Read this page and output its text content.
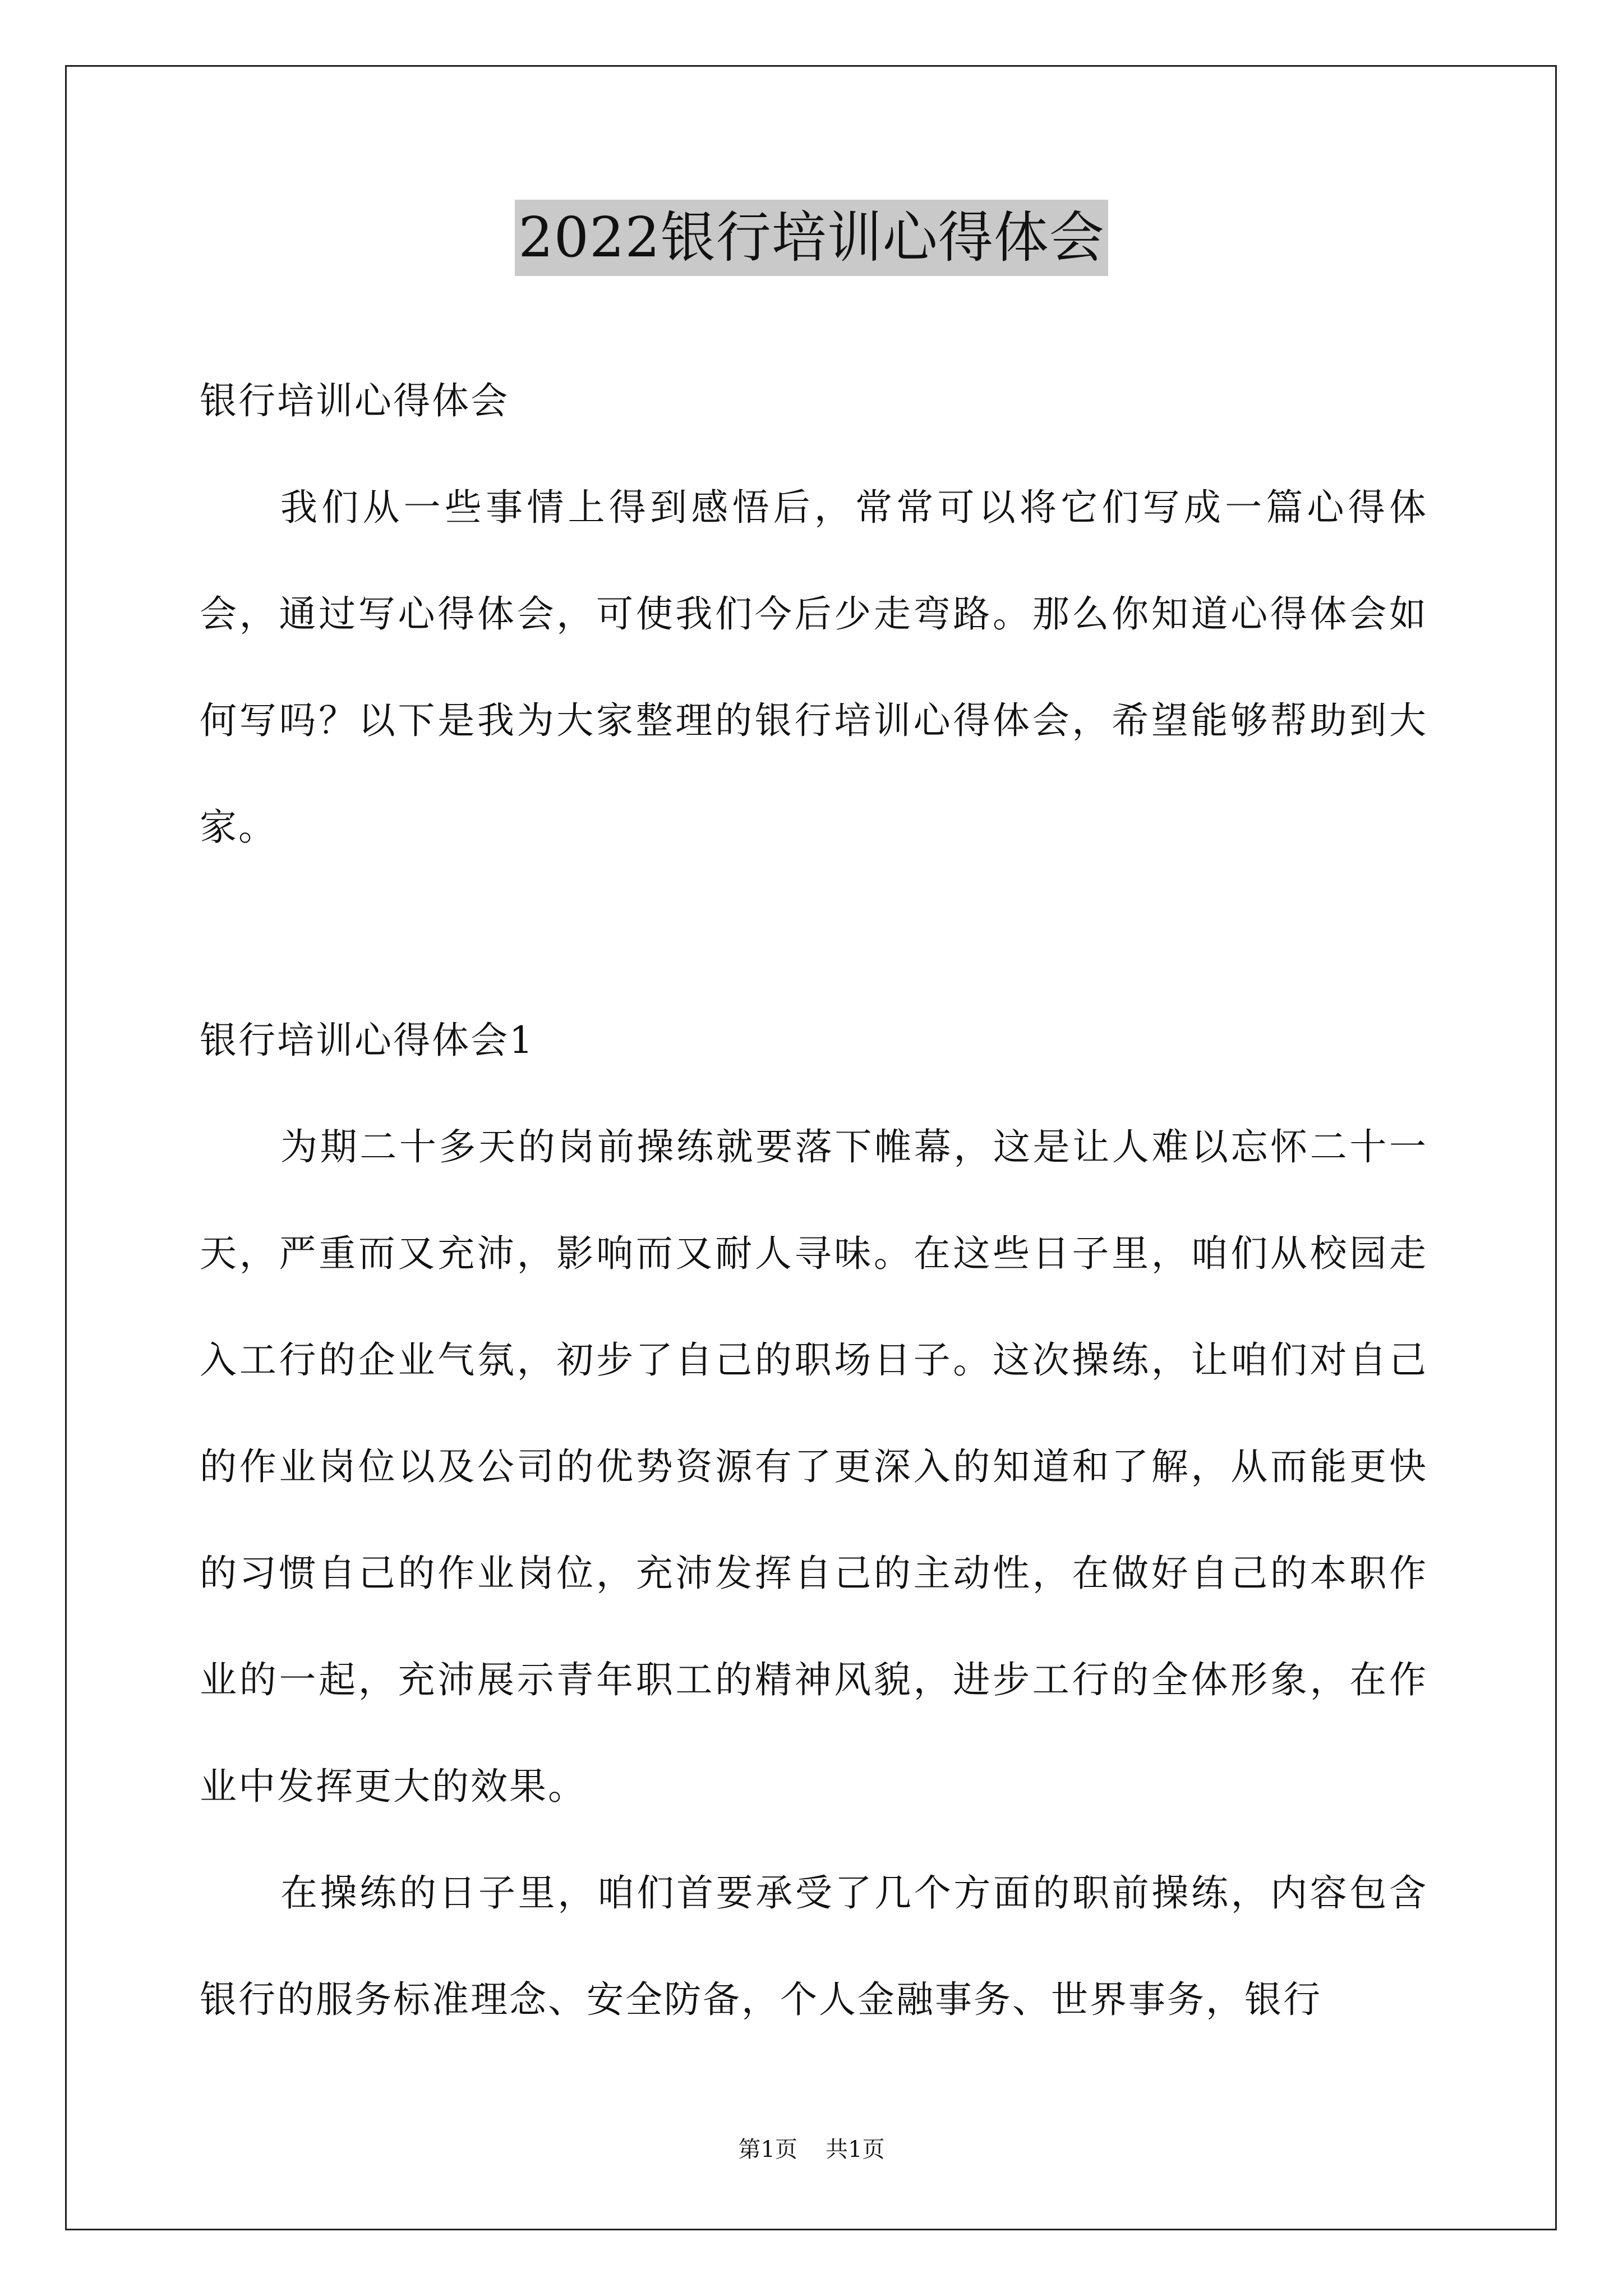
2022银行培训心得体会

银行培训心得体会

我们从一些事情上得到感悟后，常常可以将它们写成一篇心得体会，通过写心得体会，可使我们今后少走弯路。那么你知道心得体会如何写吗？以下是我为大家整理的银行培训心得体会，希望能够帮助到大家。

银行培训心得体会1

为期二十多天的岗前操练就要落下帷幕，这是让人难以忘怀二十一天，严重而又充沛，影响而又耐人寻味。在这些日子里，咱们从校园走入工行的企业气氛，初步了自己的职场日子。这次操练，让咱们对自己的作业岗位以及公司的优势资源有了更深入的知道和了解，从而能更快的习惯自己的作业岗位，充沛发挥自己的主动性，在做好自己的本职作业的一起，充沛展示青年职工的精神风貌，进步工行的全体形象，在作业中发挥更大的效果。

在操练的日子里，咱们首要承受了几个方面的职前操练，内容包含银行的服务标准理念、安全防备，个人金融事务、世界事务，银行

第1页 共1页
